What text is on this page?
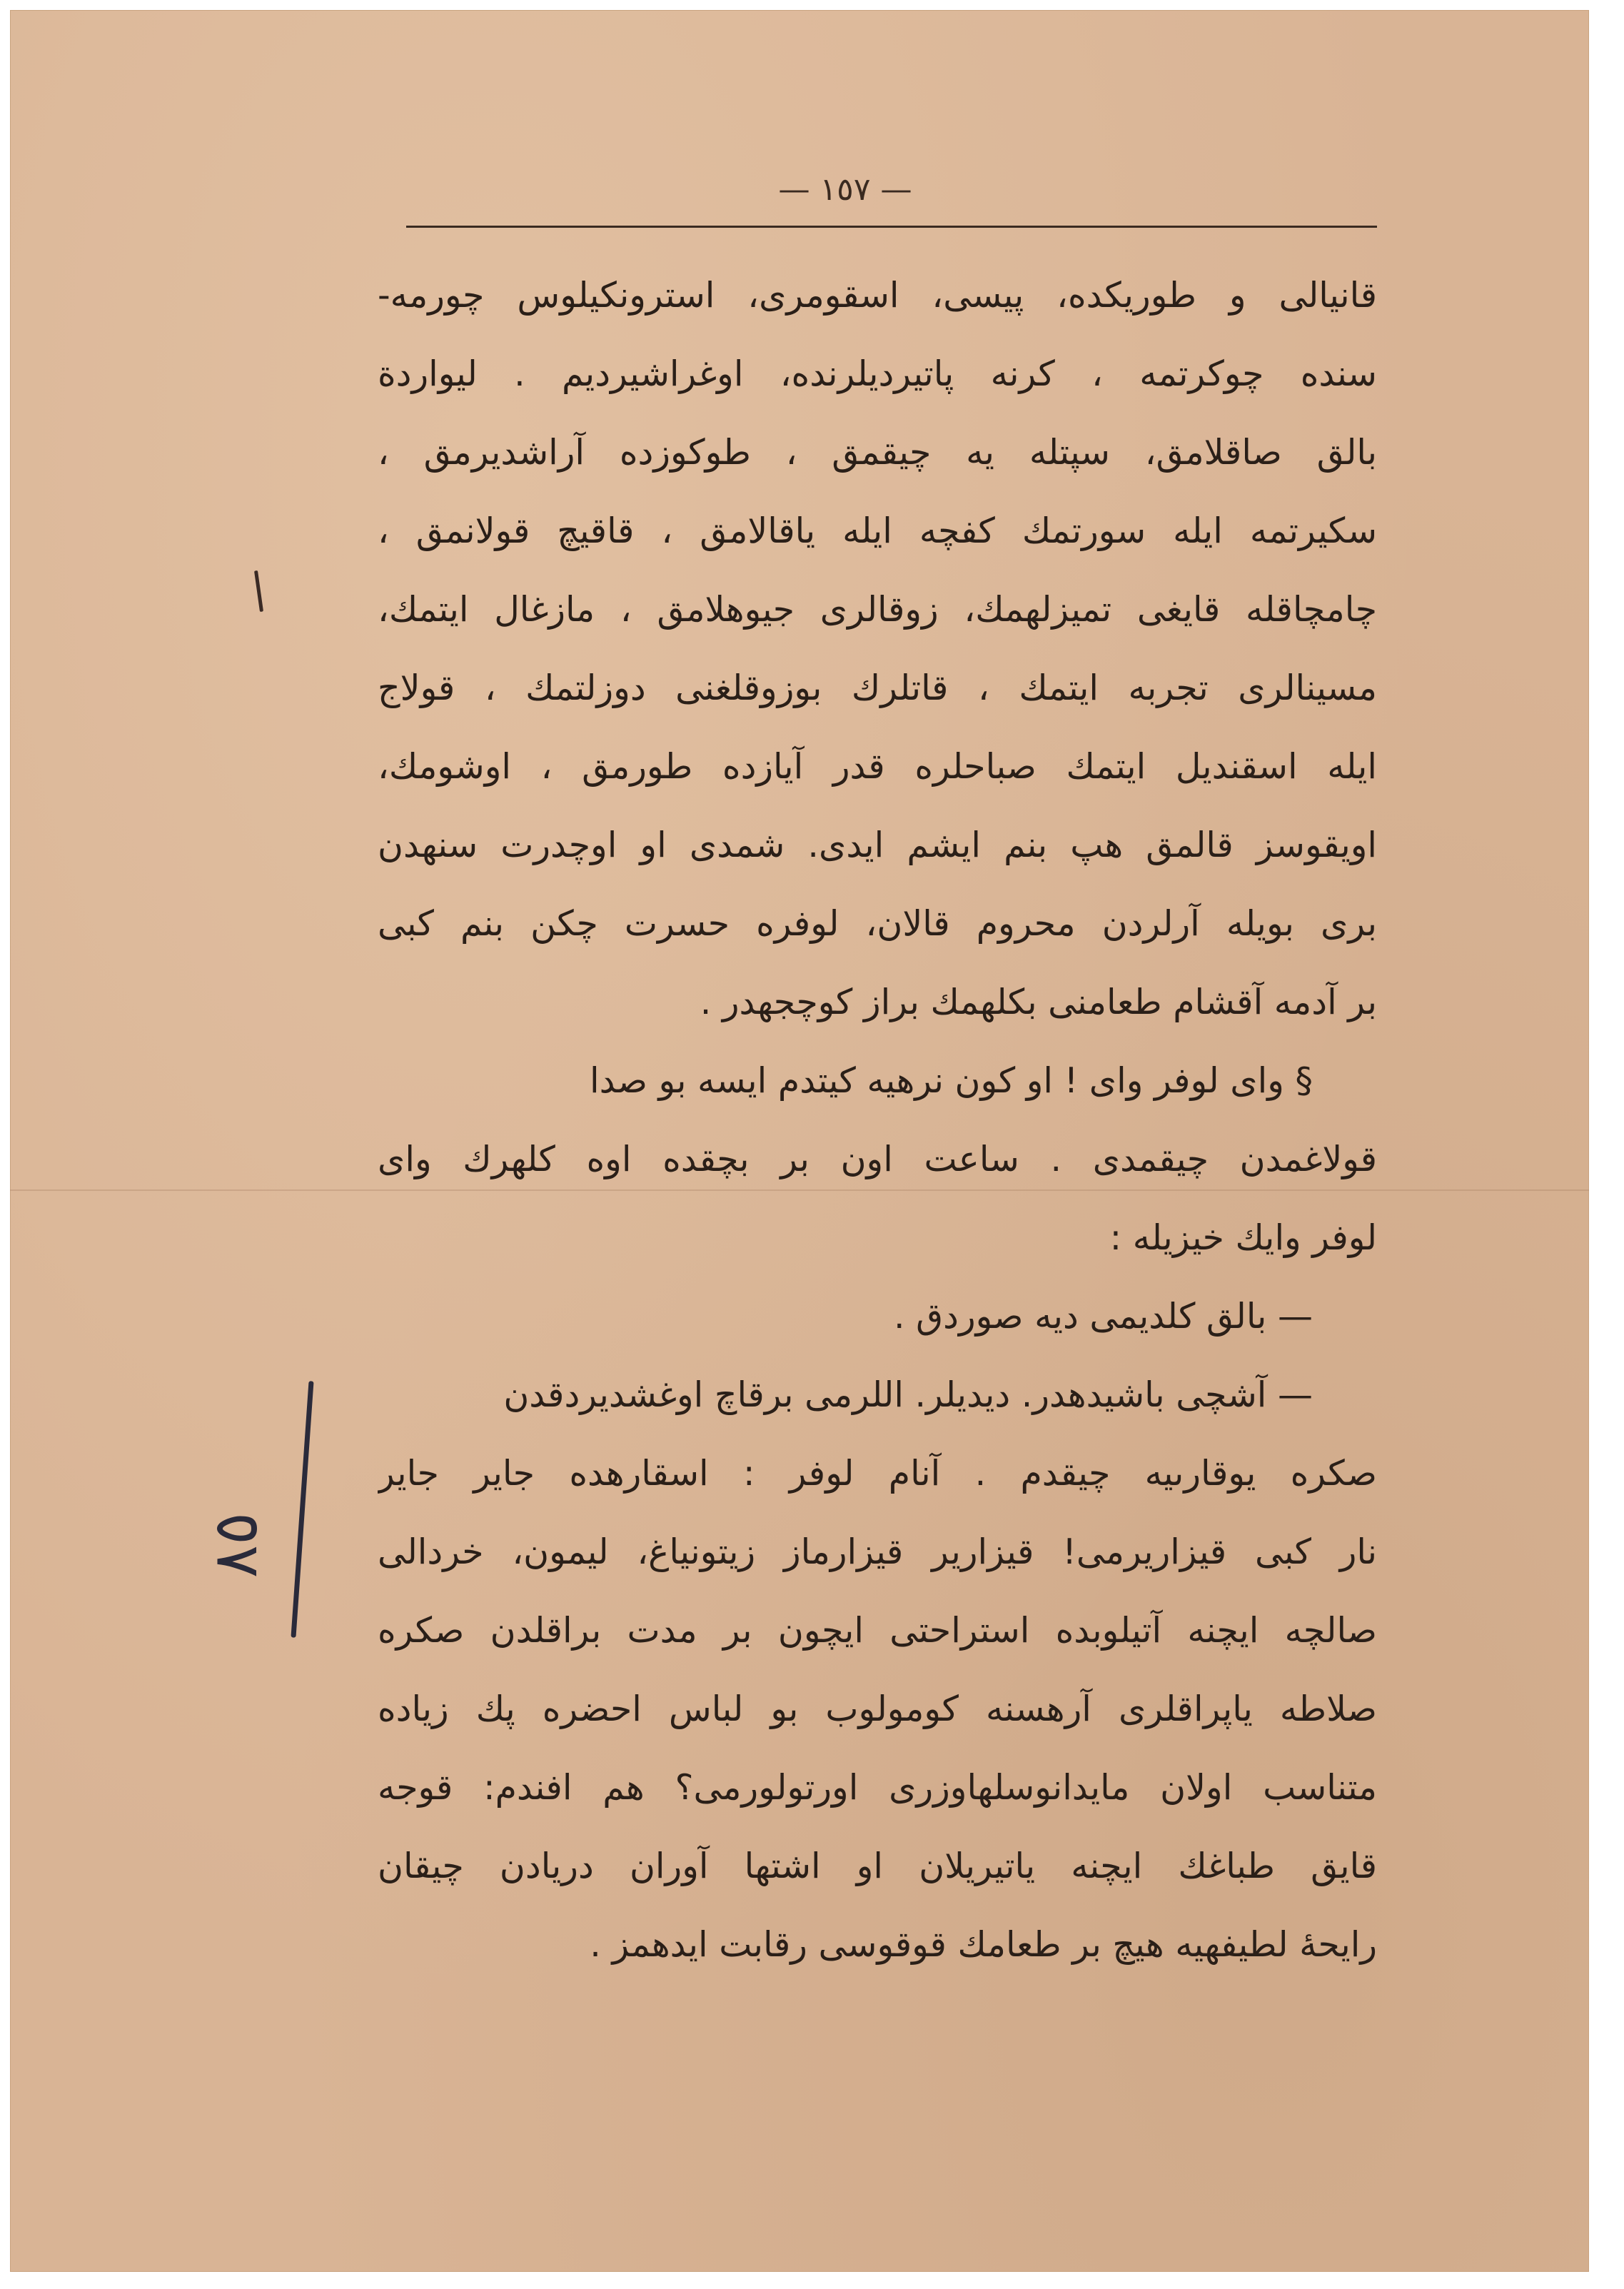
— ١٥٧ —
٨٥
قانيالى و طوريكده، پيسى، اسقومرى، استرونكيلوس چورمه-
سنده چوكرتمه ، كرنه پاتيرديلرنده، اوغراشيرديم . ليواردة
بالق صاقلامق، سپتله يه چيقمق ، طوكوزده آراشديرمق ،
سكيرتمه ايله سورتمك كفچه ايله ياقالامق ، قاقيچ قولانمق ،
چامچاقله قايغى تميزلهمك، زوقالرى جيوهلامق ، مازغال ايتمك،
مسينالرى تجربه ايتمك ، قاتلرك بوزوقلغنى دوزلتمك ، قولاج
ايله اسقنديل ايتمك صباحلره قدر آيازده طورمق ، اوشومك،
اويقوسز قالمق هپ بنم ايشم ايدى. شمدى او اوچدرت سنهدن
برى بويله آرلردن محروم قالان، لوفره حسرت چكن بنم كبى
بر آدمه آقشام طعامنى بكلهمك براز كوچجهدر .
§ واى لوفر واى ! او كون نرهيه كيتدم ايسه بو صدا
قولاغمدن چيقمدى . ساعت اون بر بچقده اوه كلهرك واى
لوفر وايك خيزيله :
— بالق كلديمى ديه صوردق .
— آشچى باشيدهدر. ديديلر. اللرمى برقاچ اوغشديردقدن
صكره يوقارىيه چيقدم . آنام لوفر : اسقارهده جاير جاير
نار كبى قيزاريرمى! قيزارير قيزارماز زيتونياغ، ليمون، خردالى
صالچه ايچنه آتيلوبده استراحتى ايچون بر مدت براقلدن صكره
صلاطه ياپراقلرى آرهسنه كومولوب بو لباس احضره پك زياده
متناسب اولان مايدانوسلهاوزرى اورتولورمى؟ هم افندم: قوجه
قايق طباغك ايچنه ياتيريلان او اشتها آوران دريادن چيقان
رايحهٔ لطيفهيه هيچ بر طعامك قوقوسى رقابت ايدهمز .
